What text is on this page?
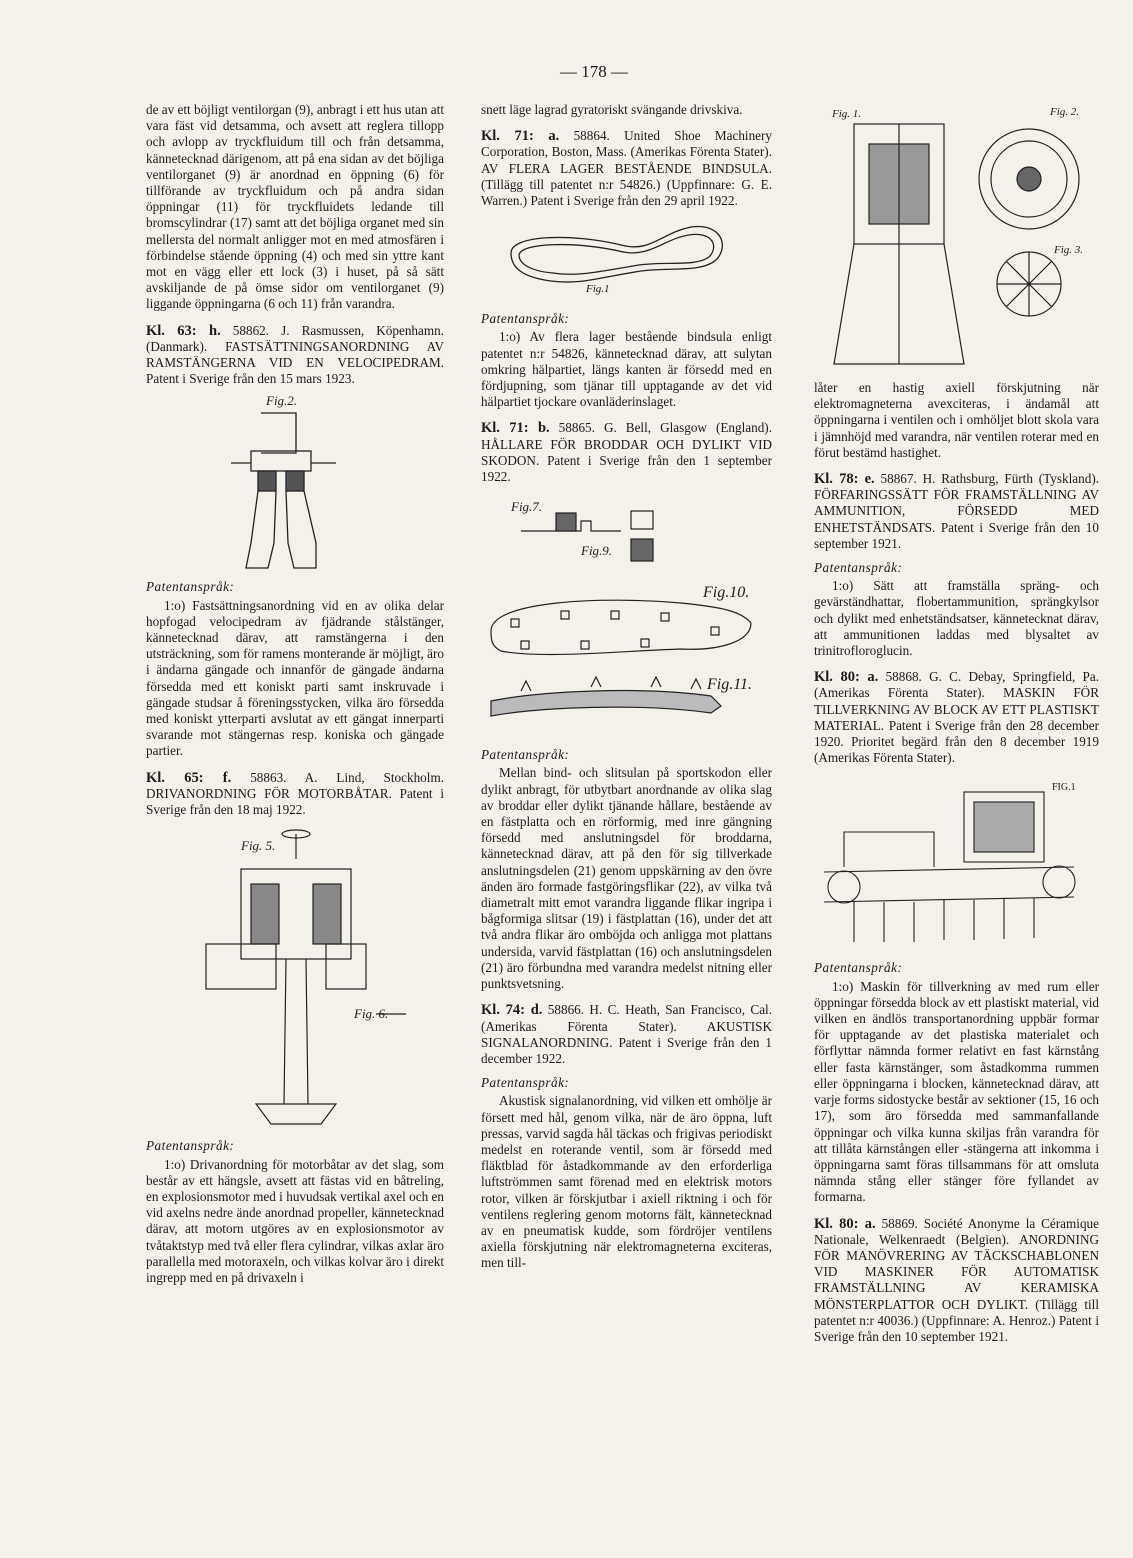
— 178 —

de av ett böjligt ventilorgan (9), anbragt i ett hus utan att vara fäst vid detsamma, och avsett att reglera tillopp och avlopp av tryckfluidum till och från detsamma, kännetecknad därigenom, att på ena sidan av det böjliga ventilorganet (9) är anordnad en öppning (6) för tillförande av tryckfluidum och på andra sidan öppningar (11) för tryckfluidets ledande till bromscylindrar (17) samt att det böjliga organet med sin mellersta del normalt anligger mot en med atmosfären i förbindelse stående öppning (4) och med sin yttre kant mot en vägg eller ett lock (3) i huset, på så sätt avskiljande de på ömse sidor om ventilorganet (9) liggande öppningarna (6 och 11) från varandra.

Kl. 63: h. 58862. J. Rasmussen, Köpenhamn. (Danmark). FASTSÄTTNINGSANORDNING AV RAMSTÄNGERNA VID EN VELOCIPEDRAM. Patent i Sverige från den 15 mars 1923.

Fig.2.

Patentanspråk:

1:o) Fastsättningsanordning vid en av olika delar hopfogad velocipedram av fjädrande stålstänger, kännetecknad därav, att ramstängerna i den utsträckning, som för ramens monterande är möjligt, äro i ändarna gängade och innanför de gängade ändarna försedda med ett koniskt parti samt inskruvade i gängade studsar å föreningsstycken, vilka äro försedda med koniskt ytterparti avslutat av ett gängat innerparti svarande mot stängernas resp. koniska och gängade partier.

Kl. 65: f. 58863. A. Lind, Stockholm. DRIVANORDNING FÖR MOTORBÅTAR. Patent i Sverige från den 18 maj 1922.

Fig. 5.
Fig. 6.

Patentanspråk:

1:o) Drivanordning för motorbåtar av det slag, som består av ett hängsle, avsett att fästas vid en båtreling, en explosionsmotor med i huvudsak vertikal axel och en vid axelns nedre ände anordnad propeller, kännetecknad därav, att motorn utgöres av en explosionsmotor av tvåtaktstyp med två eller flera cylindrar, vilkas axlar äro parallella med motoraxeln, och vilkas kolvar äro i direkt ingrepp med en på drivaxeln i

snett läge lagrad gyratoriskt svängande drivskiva.

Kl. 71: a. 58864. United Shoe Machinery Corporation, Boston, Mass. (Amerikas Förenta Stater). AV FLERA LAGER BESTÅENDE BINDSULA. (Tillägg till patentet n:r 54826.) (Uppfinnare: G. E. Warren.) Patent i Sverige från den 29 april 1922.

Fig.1

Patentanspråk:

1:o) Av flera lager bestående bindsula enligt patentet n:r 54826, kännetecknad därav, att sulytan omkring hälpartiet, längs kanten är försedd med en fördjupning, som tjänar till upptagande av det vid hälpartiet tjockare ovanläderinslaget.

Kl. 71: b. 58865. G. Bell, Glasgow (England). HÅLLARE FÖR BRODDAR OCH DYLIKT VID SKODON. Patent i Sverige från den 1 september 1922.

Fig.7.
Fig.9.
Fig.10.
Fig.11.

Patentanspråk:

Mellan bind- och slitsulan på sportskodon eller dylikt anbragt, för utbytbart anordnande av olika slag av broddar eller dylikt tjänande hållare, bestående av en fästplatta och en rörformig, med inre gängning försedd med anslutningsdel för broddarna, kännetecknad därav, att på den för sig tillverkade anslutningsdelen (21) genom uppskärning av den övre änden äro formade fastgöringsflikar (22), av vilka två diametralt mitt emot varandra liggande flikar ingripa i bågformiga slitsar (19) i fästplattan (16), under det att två andra flikar äro omböjda och anligga mot plattans undersida, varvid fästplattan (16) och anslutningsdelen (21) äro förbundna med varandra medelst nitning eller punktsvetsning.

Kl. 74: d. 58866. H. C. Heath, San Francisco, Cal. (Amerikas Förenta Stater). AKUSTISK SIGNALANORDNING. Patent i Sverige från den 1 december 1922.

Patentanspråk:

Akustisk signalanordning, vid vilken ett omhölje är försett med hål, genom vilka, när de äro öppna, luft pressas, varvid sagda hål täckas och frigivas periodiskt medelst en roterande ventil, som är försedd med fläktblad för åstadkommande av den erforderliga luftströmmen samt förenad med en elektrisk motors rotor, vilken är förskjutbar i axiell riktning i och för ventilens reglering genom motorns fält, kännetecknad av en pneumatisk kudde, som fördröjer ventilens axiella förskjutning när elektromagneterna exciteras, men till-

Fig. 1.	Fig. 2.
Fig. 3.

låter en hastig axiell förskjutning när elektromagneterna avexciteras, i ändamål att öppningarna i ventilen och i omhöljet blott skola vara i jämnhöjd med varandra, när ventilen roterar med en förut bestämd hastighet.

Kl. 78: e. 58867. H. Rathsburg, Fürth (Tyskland). FÖRFARINGSSÄTT FÖR FRAMSTÄLLNING AV AMMUNITION, FÖRSEDD MED ENHETSTÄNDSATS. Patent i Sverige från den 10 september 1921.

Patentanspråk:

1:o) Sätt att framställa spräng- och gevärständhattar, flobertammunition, sprängkylsor och dylikt med enhetständsatser, kännetecknat därav, att ammunitionen laddas med blysaltet av trinitrofloroglucin.

Kl. 80: a. 58868. G. C. Debay, Springfield, Pa. (Amerikas Förenta Stater). MASKIN FÖR TILLVERKNING AV BLOCK AV ETT PLASTISKT MATERIAL. Patent i Sverige från den 28 december 1920. Prioritet begärd från den 8 december 1919 (Amerikas Förenta Stater).

FIG.1

Patentanspråk:

1:o) Maskin för tillverkning av med rum eller öppningar försedda block av ett plastiskt material, vid vilken en ändlös transportanordning uppbär formar för upptagande av det plastiska materialet och förflyttar nämnda former relativt en fast kärnstång eller fasta kärnstänger, som åstadkomma rummen eller öppningarna i blocken, kännetecknad därav, att varje forms sidostycke består av sektioner (15, 16 och 17), som äro försedda med sammanfallande öppningar och vilka kunna skiljas från varandra för att tillåta kärnstången eller -stängerna att inkomma i öppningarna samt föras tillsammans för att omsluta nämnda stång eller stänger före fyllandet av formarna.

Kl. 80: a. 58869. Société Anonyme la Céramique Nationale, Welkenraedt (Belgien). ANORDNING FÖR MANÖVRERING AV TÄCKSCHABLONEN VID MASKINER FÖR AUTOMATISK FRAMSTÄLLNING AV KERAMISKA MÖNSTERPLATTOR OCH DYLIKT. (Tillägg till patentet n:r 40036.) (Uppfinnare: A. Henroz.) Patent i Sverige från den 10 september 1921.
